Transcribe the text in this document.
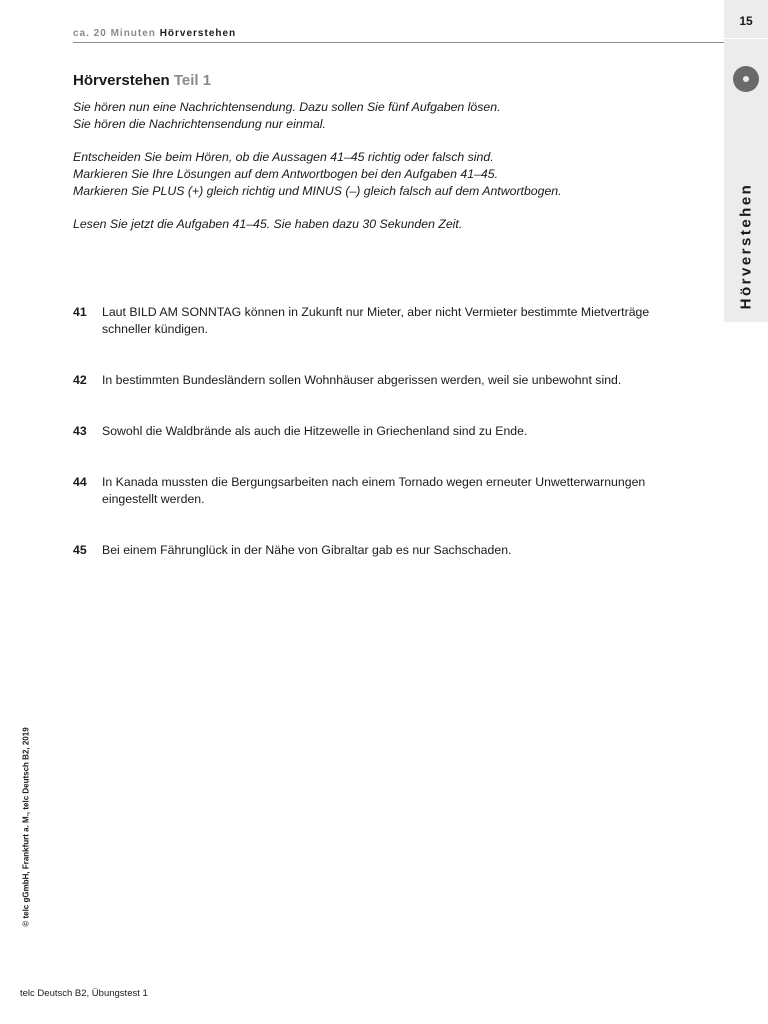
ca. 20 Minuten Hörverstehen
15
Hörverstehen
Hörverstehen Teil 1

Sie hören nun eine Nachrichtensendung. Dazu sollen Sie fünf Aufgaben lösen.
Sie hören die Nachrichtensendung nur einmal.

Entscheiden Sie beim Hören, ob die Aussagen 41–45 richtig oder falsch sind.
Markieren Sie Ihre Lösungen auf dem Antwortbogen bei den Aufgaben 41–45.
Markieren Sie PLUS (+) gleich richtig und MINUS (–) gleich falsch auf dem Antwortbogen.

Lesen Sie jetzt die Aufgaben 41–45. Sie haben dazu 30 Sekunden Zeit.

41 Laut BILD AM SONNTAG können in Zukunft nur Mieter, aber nicht Vermieter bestimmte Mietverträge schneller kündigen.
42 In bestimmten Bundesländern sollen Wohnhäuser abgerissen werden, weil sie unbewohnt sind.
43 Sowohl die Waldbrände als auch die Hitzewelle in Griechenland sind zu Ende.
44 In Kanada mussten die Bergungsarbeiten nach einem Tornado wegen erneuter Unwetterwarnungen eingestellt werden.
45 Bei einem Fährunglück in der Nähe von Gibraltar gab es nur Sachschaden.
© telc gGmbH, Frankfurt a. M., telc Deutsch B2, 2019
telc Deutsch B2, Übungstest 1
